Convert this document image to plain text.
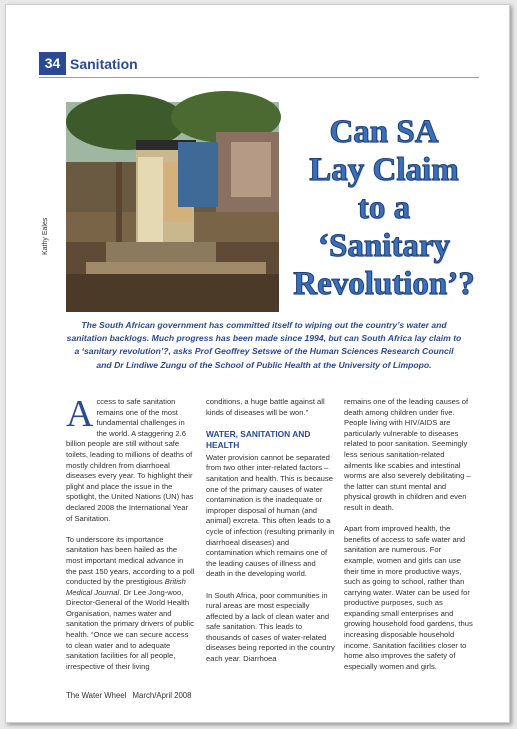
34 Sanitation
Much more needs to be done in South Africa to ensure communities have access to improved sanitation facilities.
Kathy Eales
Can SA
Lay Claim
to a
‘Sanitary
Revolution’?
The South African government has committed itself to wiping out the country’s water and sanitation backlogs. Much progress has been made since 1994, but can South Africa lay claim to a ‘sanitary revolution’?, asks Prof Geoffrey Setswe of the Human Sciences Research Council and Dr Lindiwe Zungu of the School of Public Health at the University of Limpopo.

Access to safe sanitation remains one of the most fundamental challenges in the world. A staggering 2.6 billion people are still without safe toilets, leading to millions of deaths of mostly children from diarrhoeal diseases every year. To highlight their plight and place the issue in the spotlight, the United Nations (UN) has declared 2008 the International Year of Sanitation.

To underscore its importance sanitation has been hailed as the most important medical advance in the past 150 years, according to a poll conducted by the prestigious British Medical Journal. Dr Lee Jong-woo, Director-General of the World Health Organisation, names water and sanitation the primary drivers of public health. “Once we can secure access to clean water and to adequate sanitation facilities for all people, irrespective of their living

conditions, a huge battle against all kinds of diseases will be won.”

WATER, SANITATION AND HEALTH

Water provision cannot be separated from two other inter-related factors – sanitation and health. This is because one of the primary causes of water contamination is the inadequate or improper disposal of human (and animal) excreta. This often leads to a cycle of infection (resulting primarily in diarrhoeal diseases) and contamination which remains one of the leading causes of illness and death in the developing world.

In South Africa, poor communities in rural areas are most especially affected by a lack of clean water and safe sanitation. This leads to thousands of cases of water-related diseases being reported in the country each year. Diarrhoea

remains one of the leading causes of death among children under five. People living with HIV/AIDS are particularly vulnerable to diseases related to poor sanitation. Seemingly less serious sanitation-related ailments like scabies and intestinal worms are also severely debilitating – the latter can stunt mental and physical growth in children and even result in death.

Apart from improved health, the benefits of access to safe water and sanitation are numerous. For example, women and girls can use their time in more productive ways, such as going to school, rather than carrying water. Water can be used for productive purposes, such as expanding small enterprises and growing household food gardens, thus increasing disposable household income. Sanitation facilities closer to home also improves the safety of especially women and girls.

The Water Wheel March/April 2008
